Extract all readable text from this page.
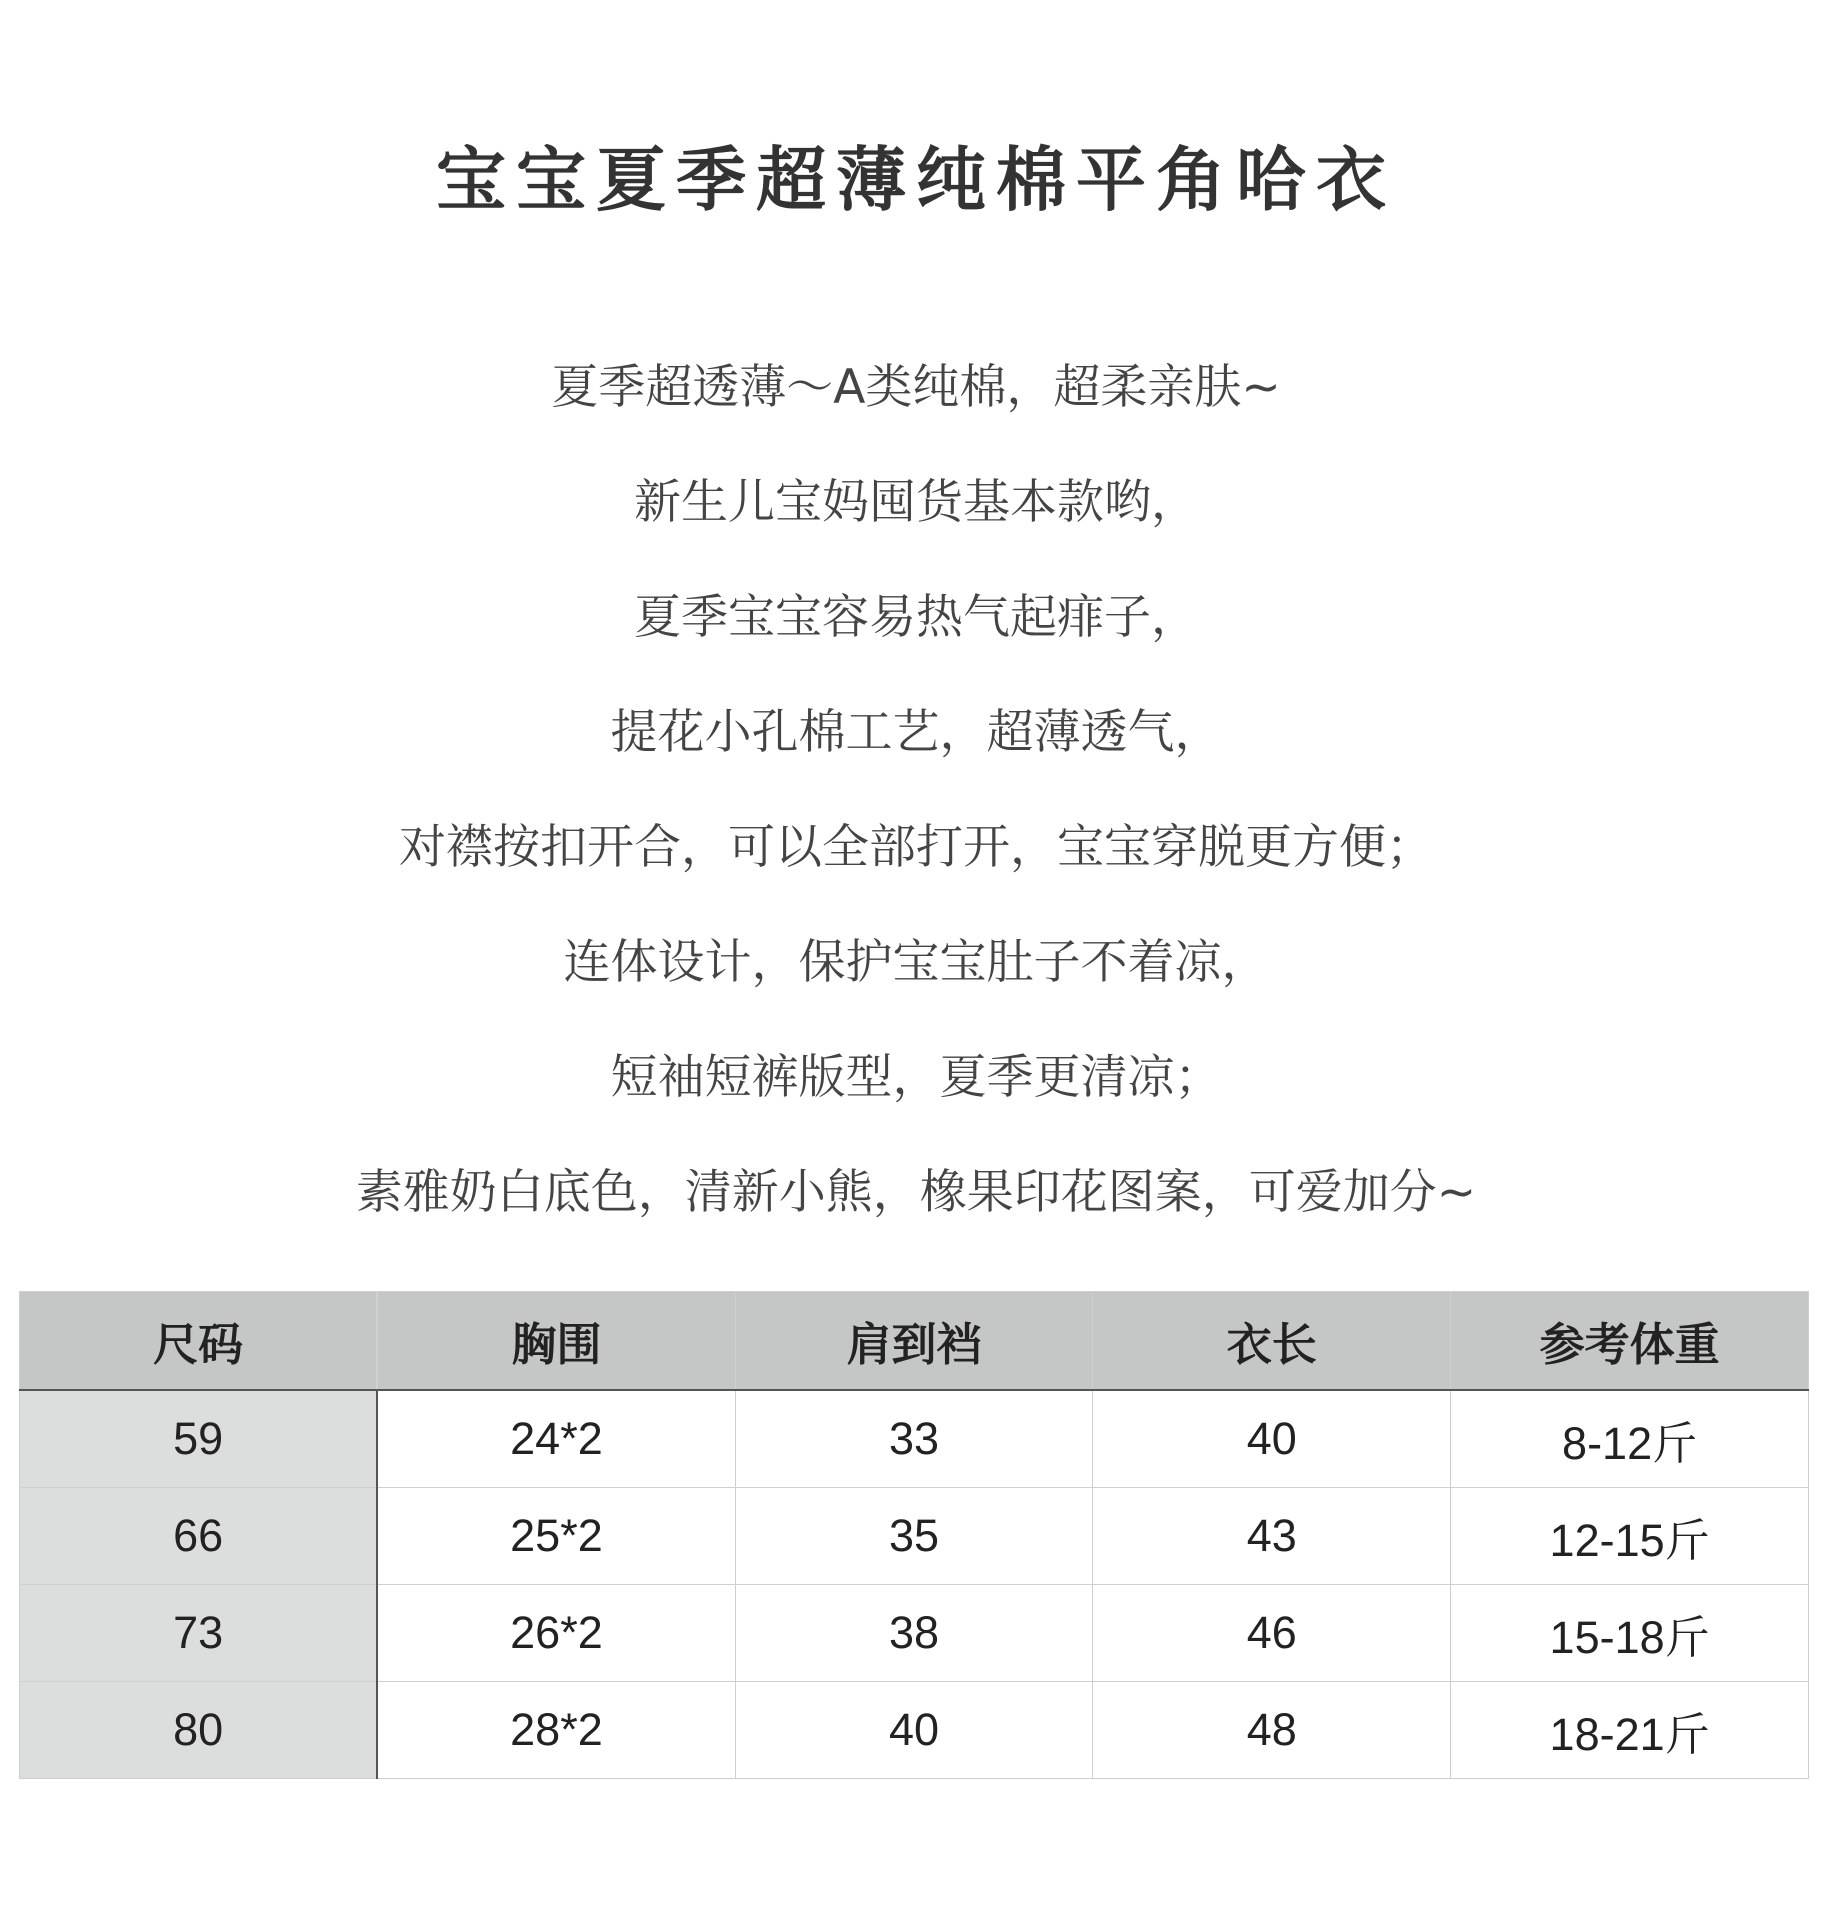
宝宝夏季超薄纯棉平角哈衣
夏季超透薄～A类纯棉，超柔亲肤~
新生儿宝妈囤货基本款哟，
夏季宝宝容易热气起痱子，
提花小孔棉工艺，超薄透气，
对襟按扣开合，可以全部打开，宝宝穿脱更方便；
连体设计，保护宝宝肚子不着凉，
短袖短裤版型，夏季更清凉；
素雅奶白底色，清新小熊，橡果印花图案，可爱加分~
尺码	胸围	肩到裆	衣长	参考体重
59	24*2	33	40	8-12斤
66	25*2	35	43	12-15斤
73	26*2	38	46	15-18斤
80	28*2	40	48	18-21斤
